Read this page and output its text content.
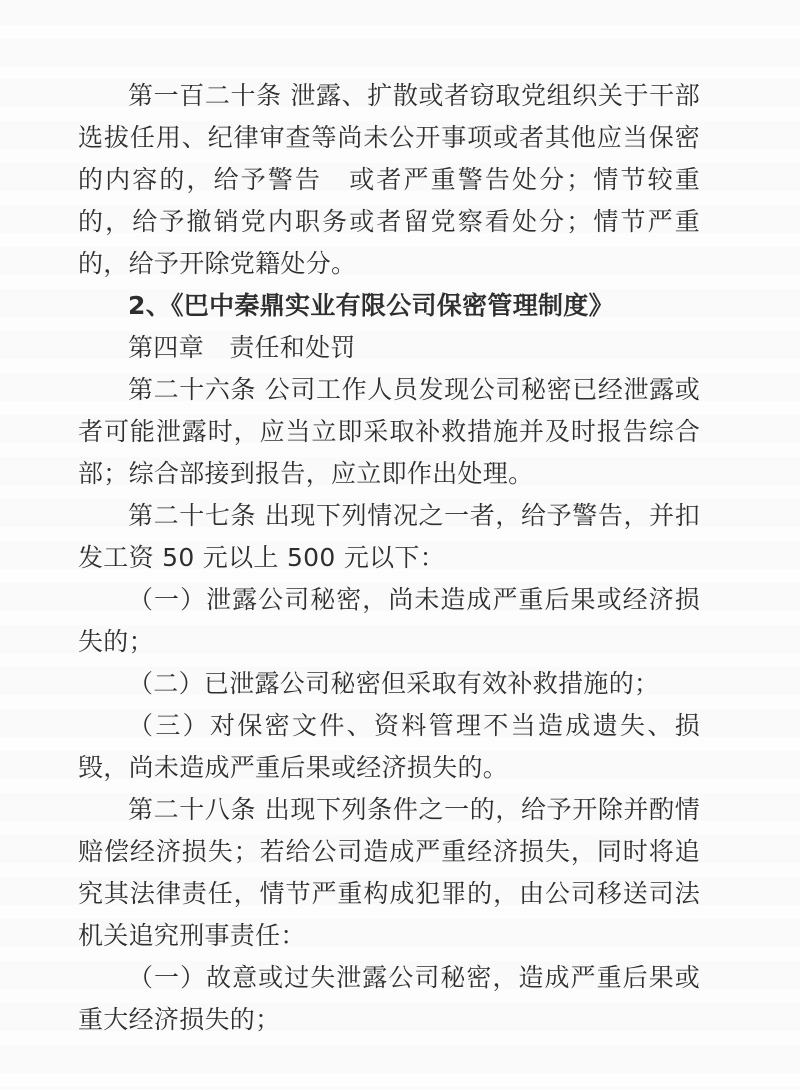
第一百二十条 泄露、扩散或者窃取党组织关于干部选拔任用、纪律审查等尚未公开事项或者其他应当保密的内容的，给予警告　或者严重警告处分；情节较重的，给予撤销党内职务或者留党察看处分；情节严重的，给予开除党籍处分。

2、《巴中秦鼎实业有限公司保密管理制度》

第四章　责任和处罚

第二十六条 公司工作人员发现公司秘密已经泄露或者可能泄露时，应当立即采取补救措施并及时报告综合部；综合部接到报告，应立即作出处理。

第二十七条 出现下列情况之一者，给予警告，并扣发工资 50 元以上 500 元以下：

（一）泄露公司秘密，尚未造成严重后果或经济损失的；

（二）已泄露公司秘密但采取有效补救措施的；

（三）对保密文件、资料管理不当造成遗失、损毁，尚未造成严重后果或经济损失的。

第二十八条 出现下列条件之一的，给予开除并酌情赔偿经济损失；若给公司造成严重经济损失，同时将追究其法律责任，情节严重构成犯罪的，由公司移送司法机关追究刑事责任：

（一）故意或过失泄露公司秘密，造成严重后果或重大经济损失的；
